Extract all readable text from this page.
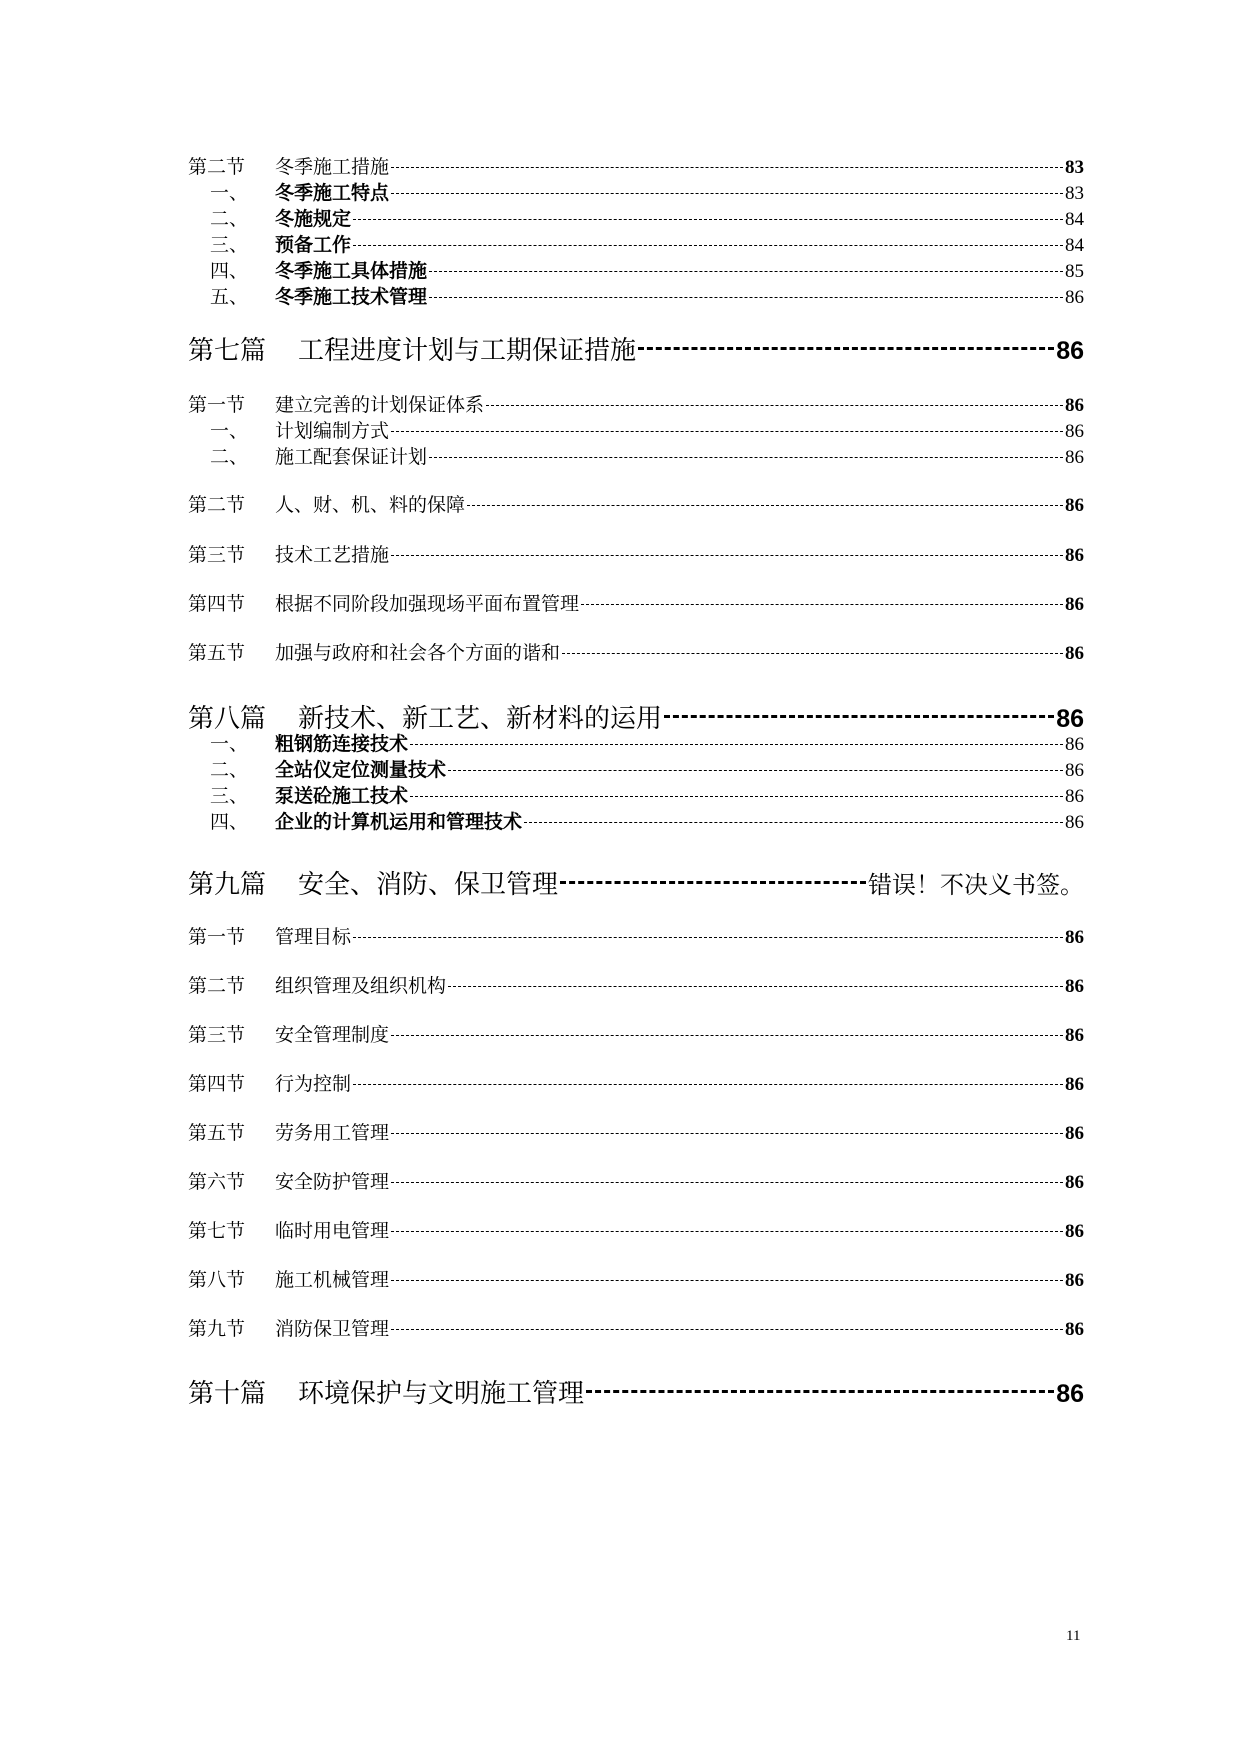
第二节	冬季施工措施	83
一、	冬季施工特点	83
二、	冬施规定	84
三、	预备工作	84
四、	冬季施工具体措施	85
五、	冬季施工技术管理	86
第七篇	工程进度计划与工期保证措施	86
第一节	建立完善的计划保证体系	86
一、	计划编制方式	86
二、	施工配套保证计划	86
第二节	人、财、机、料的保障	86
第三节	技术工艺措施	86
第四节	根据不同阶段加强现场平面布置管理	86
第五节	加强与政府和社会各个方面的谐和	86
第八篇	新技术、新工艺、新材料的运用	86
一、	粗钢筋连接技术	86
二、	全站仪定位测量技术	86
三、	泵送砼施工技术	86
四、	企业的计算机运用和管理技术	86
第九篇	安全、消防、保卫管理	错误！不决义书签。
第一节	管理目标	86
第二节	组织管理及组织机构	86
第三节	安全管理制度	86
第四节	行为控制	86
第五节	劳务用工管理	86
第六节	安全防护管理	86
第七节	临时用电管理	86
第八节	施工机械管理	86
第九节	消防保卫管理	86
第十篇	环境保护与文明施工管理	86
11
